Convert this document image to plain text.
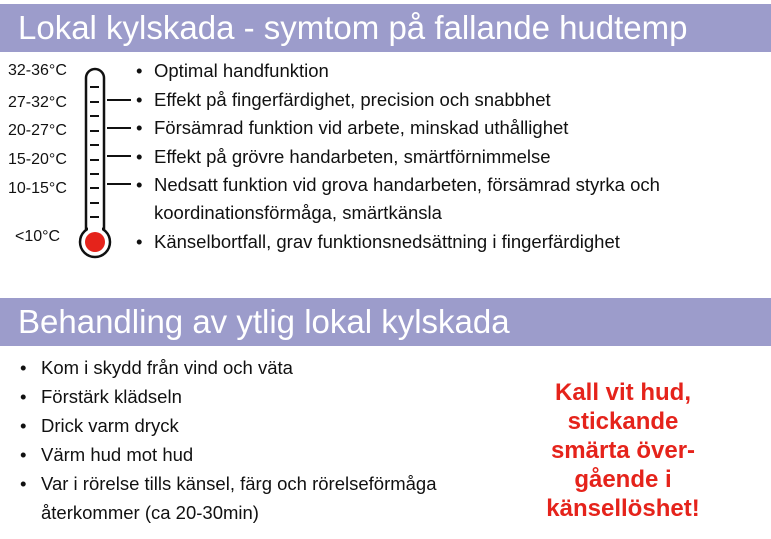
Lokal kylskada - symtom på fallande hudtemp
32-36°C
27-32°C
20-27°C
15-20°C
10-15°C
<10°C
• Optimal handfunktion
• Effekt på fingerfärdighet, precision och snabbhet
• Försämrad funktion vid arbete, minskad uthållighet
• Effekt på grövre handarbeten, smärtförnimmelse
• Nedsatt funktion vid grova handarbeten, försämrad styrka och
koordinationsförmåga, smärtkänsla
• Känselbortfall, grav funktionsnedsättning i fingerfärdighet
Behandling av ytlig lokal kylskada
• Kom i skydd från vind och väta
• Förstärk klädseln
• Drick varm dryck
• Värm hud mot hud
• Var i rörelse tills känsel, färg och rörelseförmåga
återkommer (ca 20-30min)
Kall vit hud,
stickande
smärta över-
gående i
känsellöshet!
